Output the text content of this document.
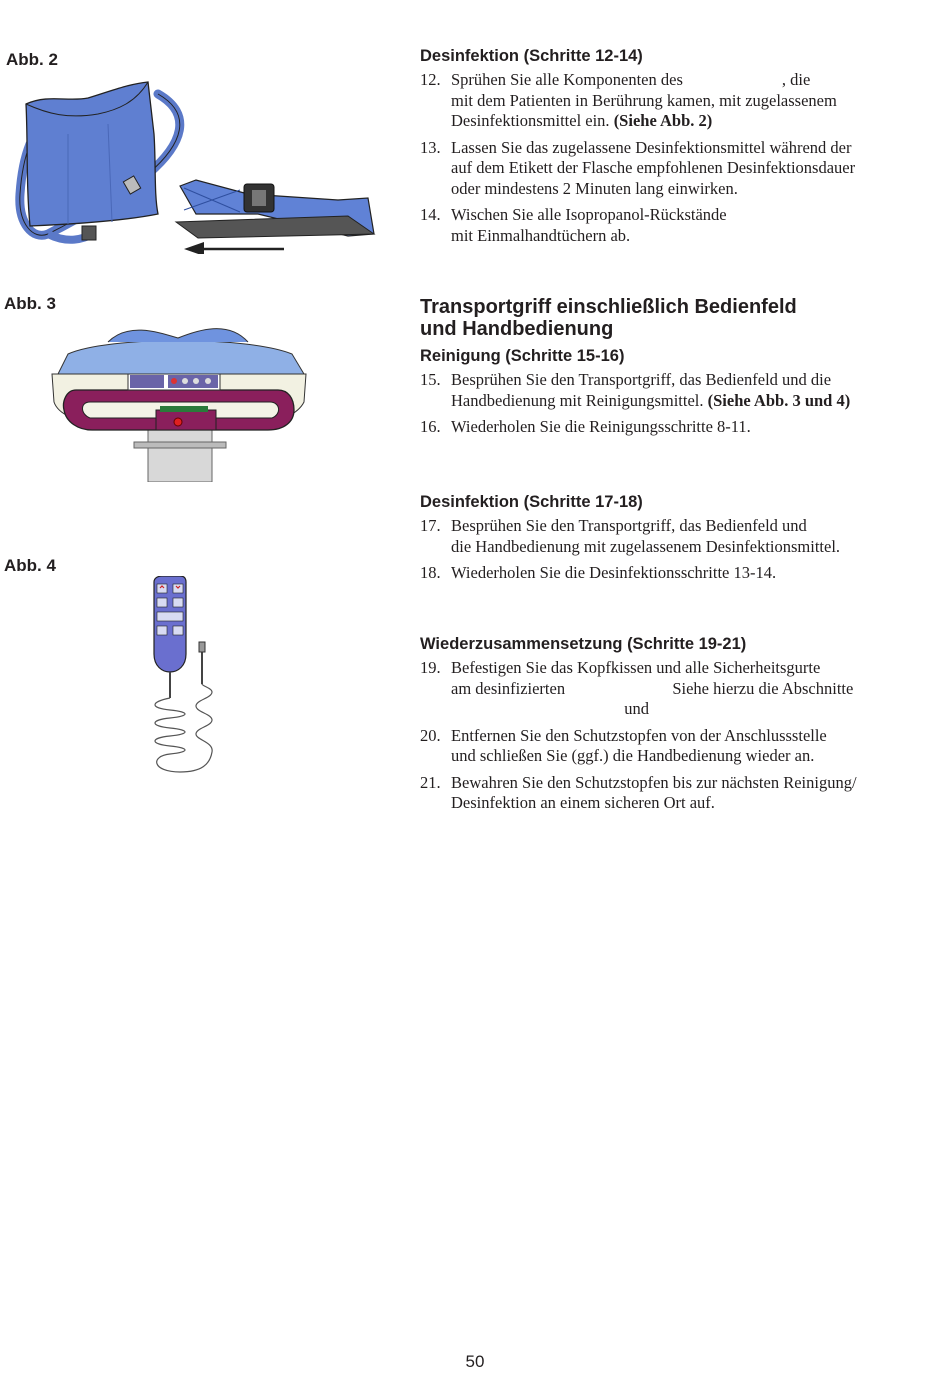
Abb. 2
Abb. 3
Abb. 4
Desinfektion (Schritte 12-14)
12. Sprühen Sie alle Komponenten des                        , die
mit dem Patienten in Berührung kamen, mit zugelassenem
Desinfektionsmittel ein. (Siehe Abb. 2)
13. Lassen Sie das zugelassene Desinfektionsmittel während der
auf dem Etikett der Flasche empfohlenen Desinfektionsdauer
oder mindestens 2 Minuten lang einwirken.
14. Wischen Sie alle Isopropanol-Rückstände
mit Einmalhandtüchern ab.
Transportgriff einschließlich Bedienfeld
und Handbedienung
Reinigung (Schritte 15-16)
15. Besprühen Sie den Transportgriff, das Bedienfeld und die
Handbedienung mit Reinigungsmittel. (Siehe Abb. 3 und 4)
16. Wiederholen Sie die Reinigungsschritte 8-11.
Desinfektion (Schritte 17-18)
17. Besprühen Sie den Transportgriff, das Bedienfeld und
die Handbedienung mit zugelassenem Desinfektionsmittel.
18. Wiederholen Sie die Desinfektionsschritte 13-14.
Wiederzusammensetzung (Schritte 19-21)
19. Befestigen Sie das Kopfkissen und alle Sicherheitsgurte
am desinfizierten                          Siehe hierzu die Abschnitte
und
20. Entfernen Sie den Schutzstopfen von der Anschlussstelle
und schließen Sie (ggf.) die Handbedienung wieder an.
21. Bewahren Sie den Schutzstopfen bis zur nächsten Reinigung/
Desinfektion an einem sicheren Ort auf.
50
